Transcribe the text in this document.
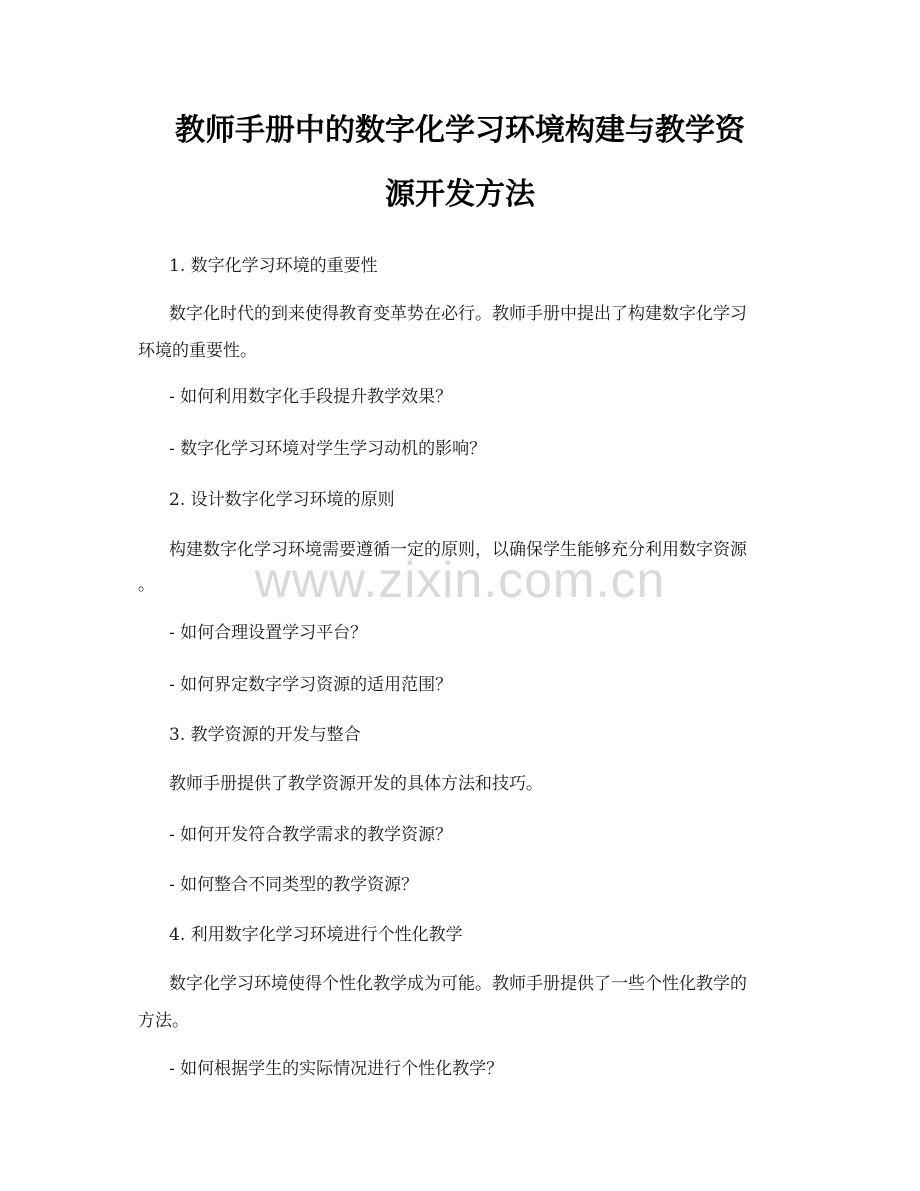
教师手册中的数字化学习环境构建与教学资
源开发方法

1. 数字化学习环境的重要性

数字化时代的到来使得教育变革势在必行。教师手册中提出了构建数字化学习

环境的重要性。

- 如何利用数字化手段提升教学效果？

- 数字化学习环境对学生学习动机的影响？

2. 设计数字化学习环境的原则

构建数字化学习环境需要遵循一定的原则，以确保学生能够充分利用数字资源

。

- 如何合理设置学习平台？

- 如何界定数字学习资源的适用范围？

3. 教学资源的开发与整合

教师手册提供了教学资源开发的具体方法和技巧。

- 如何开发符合教学需求的教学资源？

- 如何整合不同类型的教学资源？

4. 利用数字化学习环境进行个性化教学

数字化学习环境使得个性化教学成为可能。教师手册提供了一些个性化教学的

方法。

- 如何根据学生的实际情况进行个性化教学？

www.zixin.com.cn
